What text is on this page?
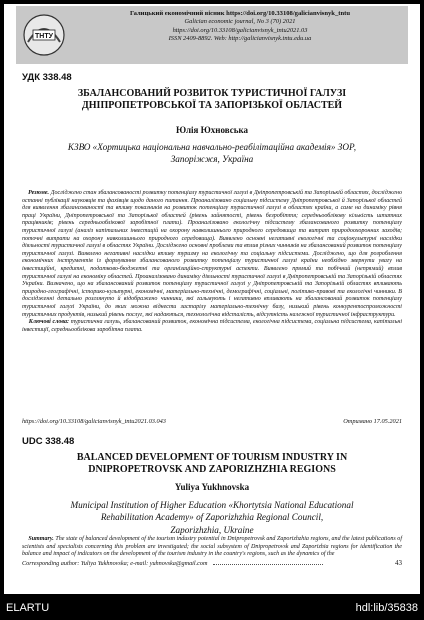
ТНТУ
Галицький економічний вісник https://doi.org/10.33108/galicianvisnyk_tntu
Galician economic journal, No 3 (70) 2021
https://doi.org/10.33108/galicianvisnyk_tntu2021.03
ISSN 2409-8892. Web: http://galicianvisnyk.tntu.edu.ua
УДК 338.48
ЗБАЛАНСОВАНИЙ РОЗВИТОК ТУРИСТИЧНОЇ ГАЛУЗІ
ДНІПРОПЕТРОВСЬКОЇ ТА ЗАПОРІЗЬКОЇ ОБЛАСТЕЙ
Юлія Юхновська
КЗВО «Хортицька національна навчально-реабілітаційна академія» ЗОР,
Запоріжжя, Україна
Резюме. Досліджено стан збалансованості розвитку потенціалу туристичної галузі в Дніпропетровській та Запорізькій областях, досліджено останні публікації науковців та фахівців щодо даного питання. Проаналізовано соціальну підсистему Дніпропетровської й Запорізької областей для виявлення збалансованості та впливу показників на розвиток потенціалу туристичної галузі в областях країни, а саме на динаміку рівня праці України, Дніпропетровської та Запорізької областей (рівень зайнятості, рівень безробіття; середньооблікову кількість штатних працівників; рівень середньооблікової заробітної плати). Проаналізовано екологічну підсистему збалансованого розвитку потенціалу туристичної галузі (аналіз капітальних інвестицій на охорону навколишнього природного середовища та витрат природоохоронних заходів; поточні витрати на охорону навколишнього природного середовища). Виявлено основні негативні екологічні та соціокультурні наслідки діяльності туристичної галузі в областях України. Досліджено основні проблеми та вплив різних чинників на збалансований розвиток потенціалу туристичної галузі. Виявлено негативні наслідки впливу туризму на екологічну та соціальну підсистеми. Досліджено, що для розроблення економічних інструментів із формування збалансованого розвитку потенціалу туристичної галузі країни необхідно звернути увагу на інвестиційні, кредитні, податково-бюджетні та організаційно-структурні аспекти. Виявлено прямий та побічний (непрямий) вплив туристичної галузі на економіку областей. Проаналізовано динаміку діяльності туристичної галузі в Дніпропетровській та Запорізькій областях України. Визначено, що на збалансований розвиток потенціалу туристичної галузі у Дніпропетровській та Запорізькій областях впливають природно-географічні, історико-культурні, економічні, матеріально-технічні, демографічні, соціальні, політико-правові та екологічні чинники. В дослідженні детально розглянуто й відображено чинники, які гальмують і негативно впливають на збалансований розвиток потенціалу туристичної галузі України, до яких можна віднести застарілу матеріально-технічну базу, низький рівень конкурентоспроможності туристичних продуктів, низький рівень послуг, які надаються, технологічна відсталість, відсутність належної туристичної інфраструктури.
Ключові слова: туристична галузь, збалансований розвиток, економічна підсистема, екологічна підсистема, соціальна підсистема, капітальні інвестиції, середньооблікова заробітна плата.
https://doi.org/10.33108/galicianvisnyk_tntu2021.03.043	Отримано 17.05.2021
UDC 338.48
BALANCED DEVELOPMENT OF TOURISM INDUSTRY IN
DNIPROPETROVSK AND ZAPORIZHZHIA REGIONS
Yuliya Yukhnovska
Municipal Institution of Higher Education «Khortytsia National Educational
Rehabilitation Academy» of Zaporizhzhia Regional Council,
Zaporizhzhia, Ukraine
Summary. The state of balanced development of the tourism industry potential in Dnipropetrovsk and Zaporizhzhia regions, and the latest publications of scientists and specialists concerning this problem are investigated; the social subsystem of Dnipropetrovsk and Zaporizhia regions for identification the balance and impact of indicators on the development of the tourism industry in the country's regions, such as the dynamics of the
Corresponding author: Yuliya Yukhnovska; e-mail: yuhnovska@gmail.com	43
ELARTU	hdl:lib/35838
